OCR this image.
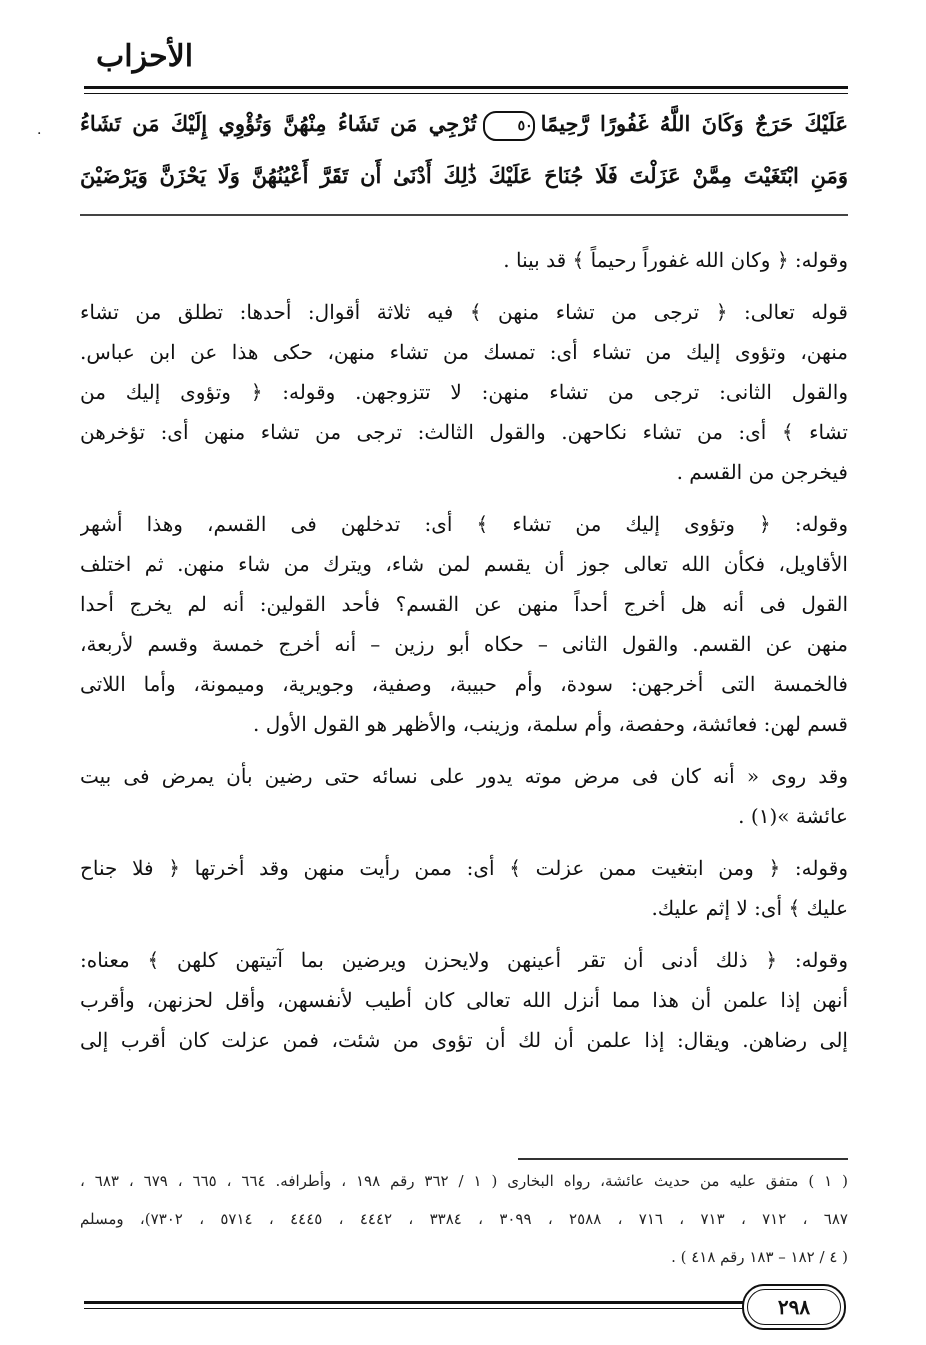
الأحزاب
·	عَلَيْكَ حَرَجٌ وَكَانَ اللَّهُ غَفُورًا رَّحِيمًا٥٠تُرْجِي مَن تَشَاءُ مِنْهُنَّ وَتُؤْوِي إِلَيْكَ مَن تَشَاءُ
وَمَنِ ابْتَغَيْتَ مِمَّنْ عَزَلْتَ فَلَا جُنَاحَ عَلَيْكَ ذَٰلِكَ أَدْنَىٰ أَن تَقَرَّ أَعْيُنُهُنَّ وَلَا يَحْزَنَّ وَيَرْضَيْنَ
وقوله: ﴿ وكان الله غفوراً رحيماً ﴾ قد بينا .
قوله تعالى: ﴿ ترجى من تشاء منهن ﴾ فيه ثلاثة أقوال: أحدها: تطلق من تشاء
منهن، وتؤوى إليك من تشاء أى: تمسك من تشاء منهن، حكى هذا عن ابن عباس.
والقول الثانى: ترجى من تشاء منهن: لا تتزوجهن. وقوله: ﴿ وتؤوى إليك من
تشاء ﴾ أى: من تشاء نكاحهن. والقول الثالث: ترجى من تشاء منهن أى: تؤخرهن
فيخرجن من القسم .
وقوله: ﴿ وتؤوى إليك من تشاء ﴾ أى: تدخلهن فى القسم، وهذا أشهر
الأقاويل، فكأن الله تعالى جوز أن يقسم لمن شاء، ويترك من شاء منهن. ثم اختلف
القول فى أنه هل أخرج أحداً منهن عن القسم؟ فأحد القولين: أنه لم يخرج أحدا
منهن عن القسم. والقول الثانى – حكاه أبو رزين – أنه أخرج خمسة وقسم لأربعة،
فالخمسة التى أخرجهن: سودة، وأم حبيبة، وصفية، وجويرية، وميمونة، وأما اللاتى
قسم لهن: فعائشة، وحفصة، وأم سلمة، وزينب، والأظهر هو القول الأول .
وقد روى « أنه كان فى مرض موته يدور على نسائه حتى رضين بأن يمرض فى بيت
عائشة »(١) .
وقوله: ﴿ ومن ابتغيت ممن عزلت ﴾ أى: ممن رأيت منهن وقد أخرتها ﴿ فلا جناح
عليك ﴾ أى: لا إثم عليك.
وقوله: ﴿ ذلك أدنى أن تقر أعينهن ولايحزن ويرضين بما آتيتهن كلهن ﴾ معناه:
أنهن إذا علمن أن هذا مما أنزل الله تعالى كان أطيب لأنفسهن، وأقل لحزنهن، وأقرب
إلى رضاهن. ويقال: إذا علمن أن لك أن تؤوى من شئت، فمن عزلت كان أقرب إلى
( ١ ) متفق عليه من حديث عائشة، رواه البخارى ( ١ / ٣٦٢ رقم ١٩٨ ، وأطرافه. ٦٦٤ ، ٦٦٥ ، ٦٧٩ ، ٦٨٣ ،
٦٨٧ ، ٧١٢ ، ٧١٣ ، ٧١٦ ، ٢٥٨٨ ، ٣٠٩٩ ، ٣٣٨٤ ، ٤٤٤٢ ، ٤٤٤٥ ، ٥٧١٤ ، ٧٣٠٢)، ومسلم
( ٤ / ١٨٢ – ١٨٣ رقم ٤١٨ ) .
٢٩٨
